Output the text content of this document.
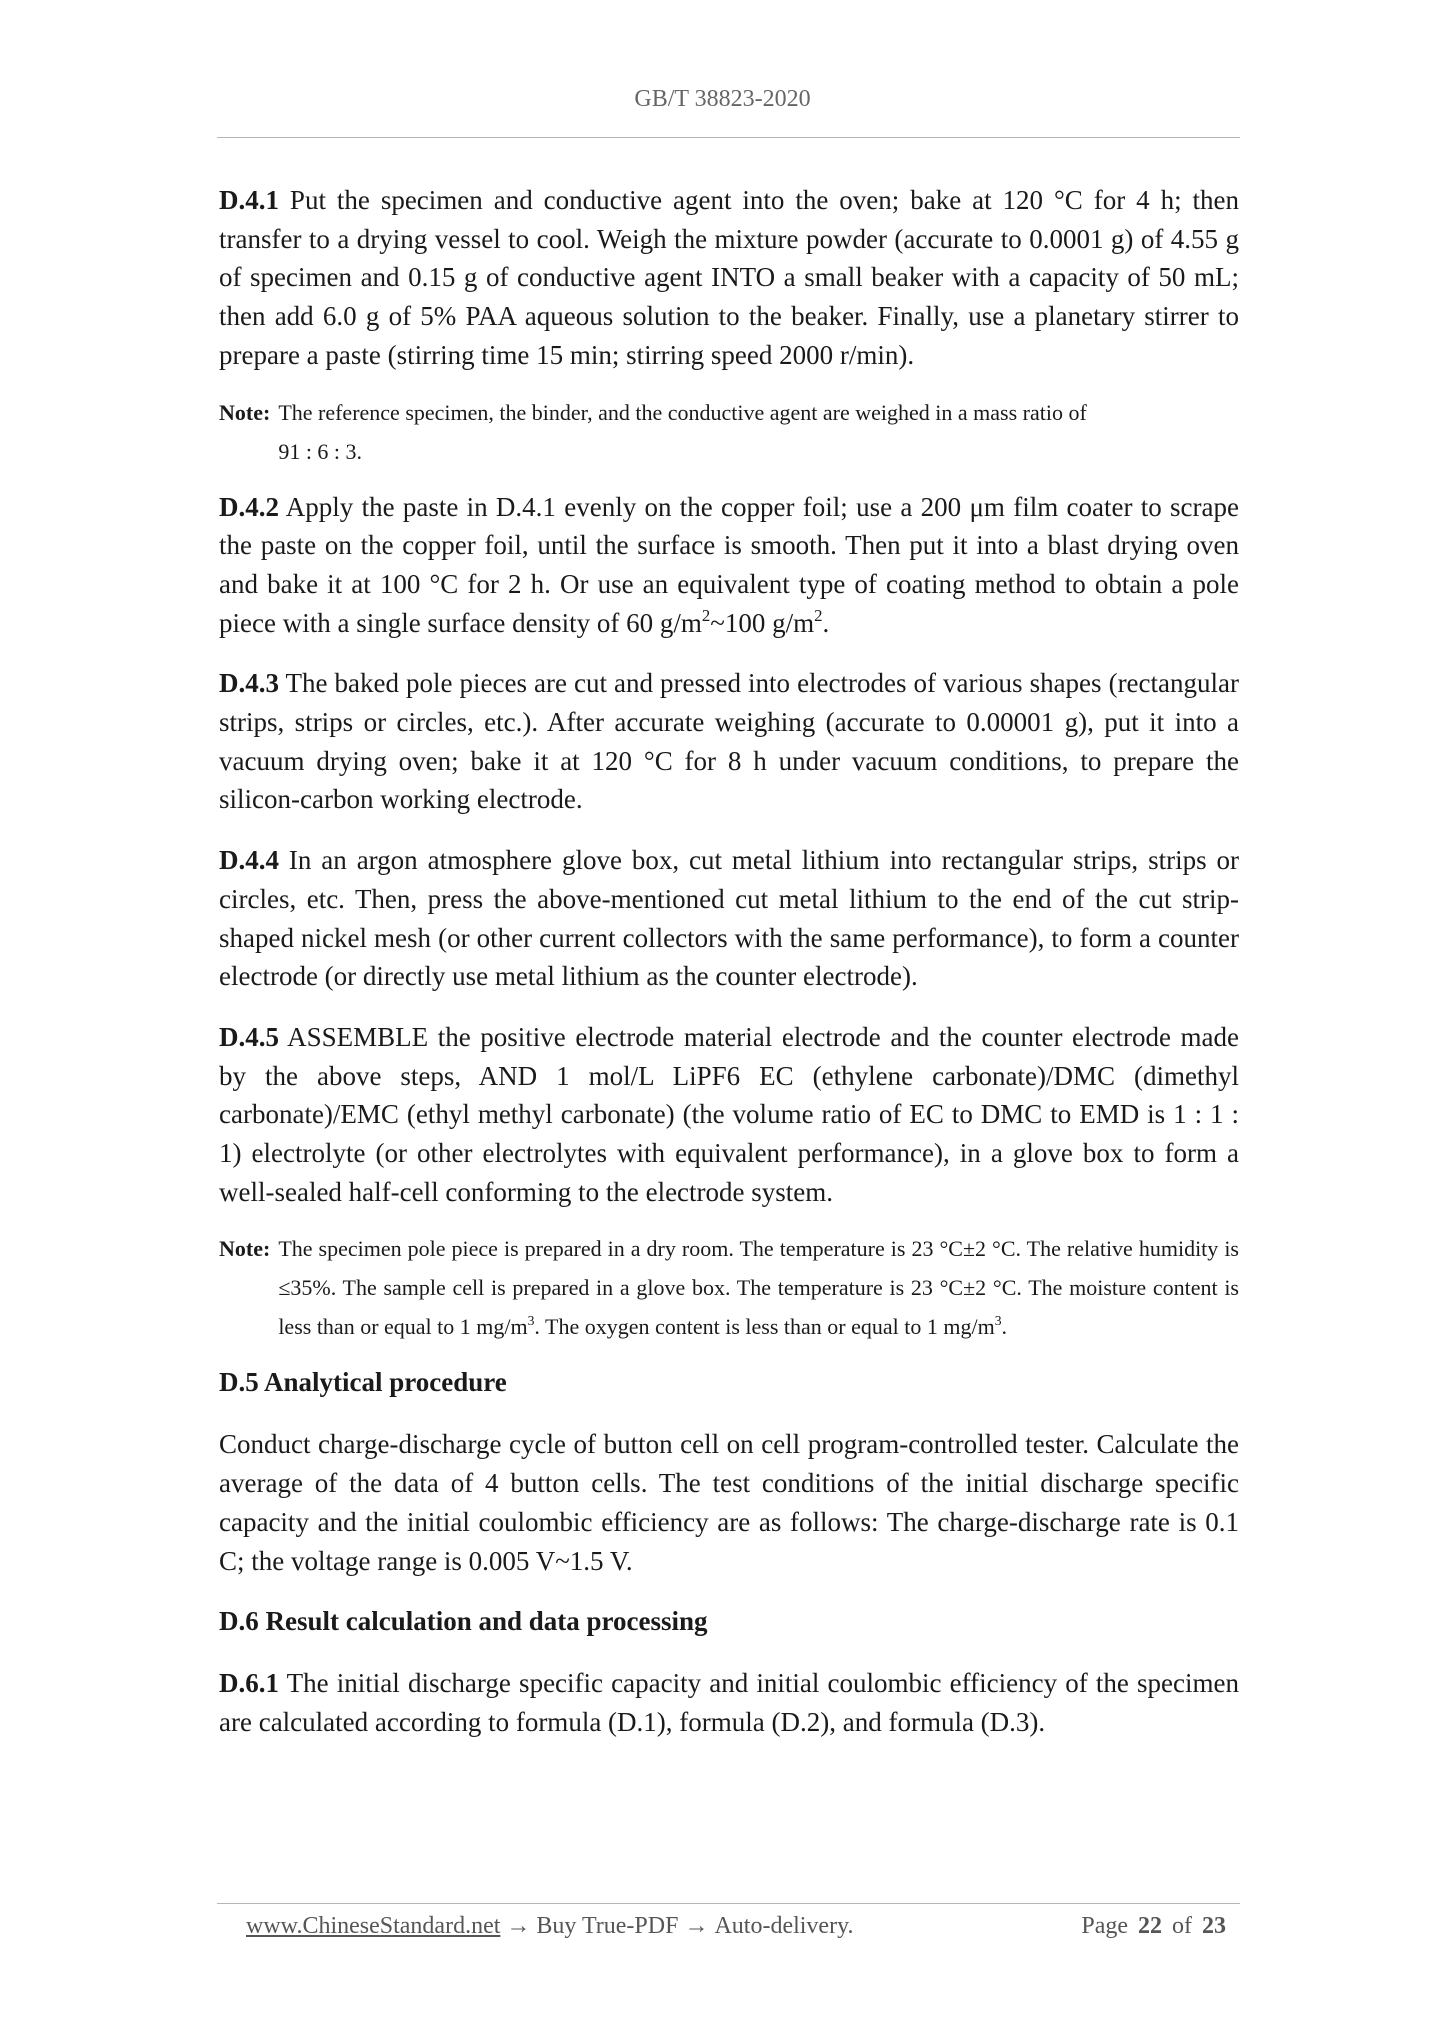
GB/T 38823-2020

D.4.1 Put the specimen and conductive agent into the oven; bake at 120 °C for 4 h; then transfer to a drying vessel to cool. Weigh the mixture powder (accurate to 0.0001 g) of 4.55 g of specimen and 0.15 g of conductive agent INTO a small beaker with a capacity of 50 mL; then add 6.0 g of 5% PAA aqueous solution to the beaker. Finally, use a planetary stirrer to prepare a paste (stirring time 15 min; stirring speed 2000 r/min).

Note: The reference specimen, the binder, and the conductive agent are weighed in a mass ratio of
91 : 6 : 3.

D.4.2 Apply the paste in D.4.1 evenly on the copper foil; use a 200 μm film coater to scrape the paste on the copper foil, until the surface is smooth. Then put it into a blast drying oven and bake it at 100 °C for 2 h. Or use an equivalent type of coating method to obtain a pole piece with a single surface density of 60 $g/m^2\sim 100$ $g/m^2$.

D.4.3 The baked pole pieces are cut and pressed into electrodes of various shapes (rectangular strips, strips or circles, etc.). After accurate weighing (accurate to 0.00001 g), put it into a vacuum drying oven; bake it at 120 °C for 8 h under vacuum conditions, to prepare the silicon-carbon working electrode.

D.4.4 In an argon atmosphere glove box, cut metal lithium into rectangular strips, strips or circles, etc. Then, press the above-mentioned cut metal lithium to the end of the cut strip-shaped nickel mesh (or other current collectors with the same performance), to form a counter electrode (or directly use metal lithium as the counter electrode).

D.4.5 ASSEMBLE the positive electrode material electrode and the counter electrode made by the above steps, AND 1 mol/L LiPF6 EC (ethylene carbonate)/DMC (dimethyl carbonate)/EMC (ethyl methyl carbonate) (the volume ratio of EC to DMC to EMD is 1 : 1 : 1) electrolyte (or other electrolytes with equivalent performance), in a glove box to form a well-sealed half-cell conforming to the electrode system.

Note: The specimen pole piece is prepared in a dry room. The temperature is 23 °C±2 °C. The relative humidity is ≤35%. The sample cell is prepared in a glove box. The temperature is 23 °C±2 °C. The moisture content is less than or equal to 1 $mg/m^3$. The oxygen content is less than or equal to 1 $mg/m^3$.
D.5 Analytical procedure

Conduct charge-discharge cycle of button cell on cell program-controlled tester. Calculate the average of the data of 4 button cells. The test conditions of the initial discharge specific capacity and the initial coulombic efficiency are as follows: The charge-discharge rate is 0.1 C; the voltage range is 0.005 V~1.5 V.

D.6 Result calculation and data processing

D.6.1 The initial discharge specific capacity and initial coulombic efficiency of the specimen are calculated according to formula (D.1), formula (D.2), and formula (D.3).

www.ChineseStandard.net → Buy True-PDF → Auto-delivery.	Page 22 of 23
